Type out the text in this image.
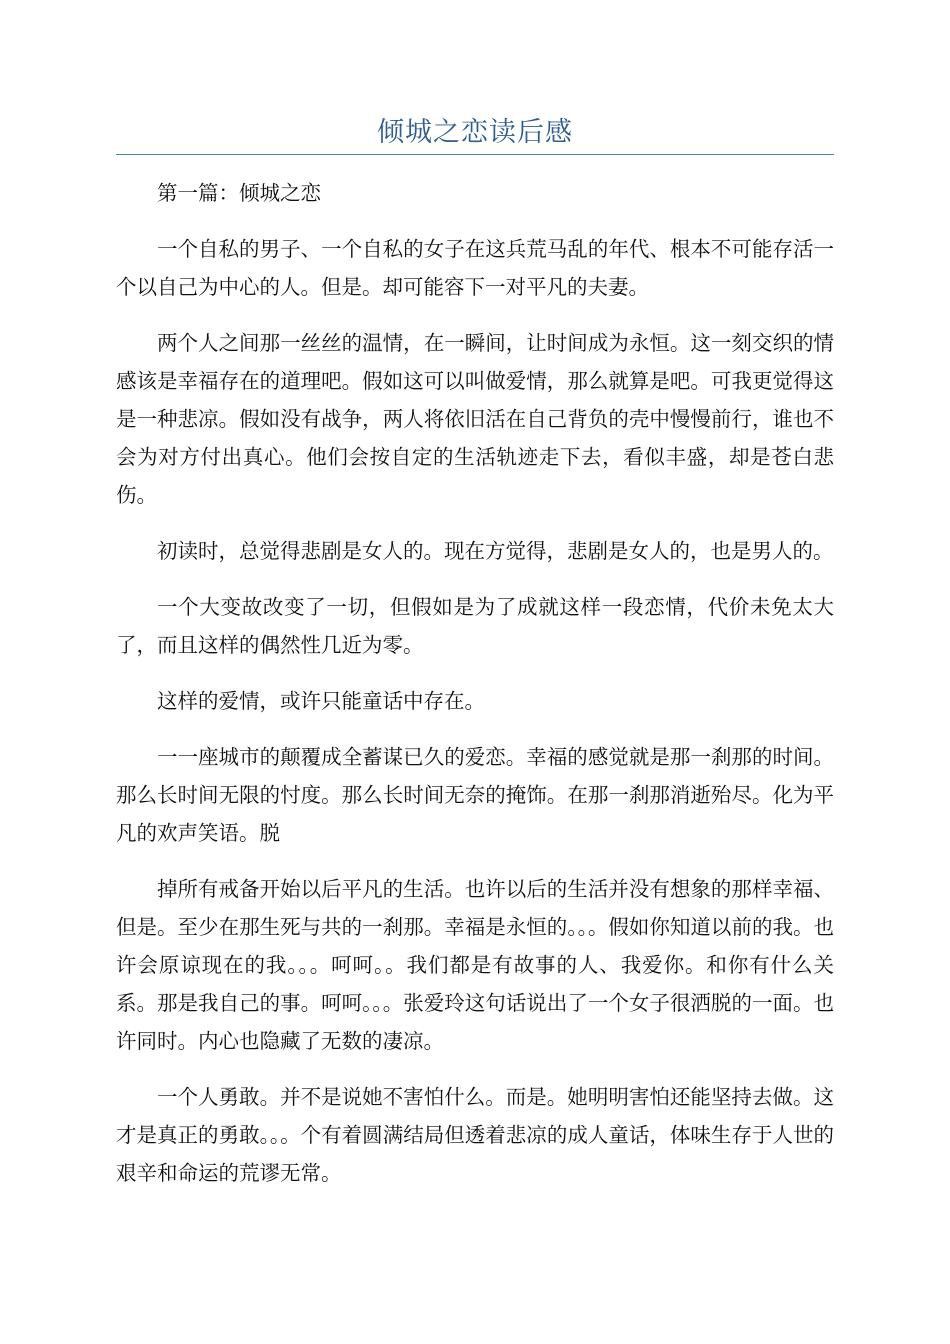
倾城之恋读后感

第一篇：倾城之恋

一个自私的男子、一个自私的女子在这兵荒马乱的年代、根本不可能存活一个以自己为中心的人。但是。却可能容下一对平凡的夫妻。

两个人之间那一丝丝的温情，在一瞬间，让时间成为永恒。这一刻交织的情感该是幸福存在的道理吧。假如这可以叫做爱情，那么就算是吧。可我更觉得这是一种悲凉。假如没有战争，两人将依旧活在自己背负的壳中慢慢前行，谁也不会为对方付出真心。他们会按自定的生活轨迹走下去，看似丰盛，却是苍白悲伤。

初读时，总觉得悲剧是女人的。现在方觉得，悲剧是女人的，也是男人的。

一个大变故改变了一切，但假如是为了成就这样一段恋情，代价未免太大了，而且这样的偶然性几近为零。

这样的爱情，或许只能童话中存在。

一一座城市的颠覆成全蓄谋已久的爱恋。幸福的感觉就是那一刹那的时间。那么长时间无限的忖度。那么长时间无奈的掩饰。在那一刹那消逝殆尽。化为平凡的欢声笑语。脱

掉所有戒备开始以后平凡的生活。也许以后的生活并没有想象的那样幸福、但是。至少在那生死与共的一刹那。幸福是永恒的。。。假如你知道以前的我。也许会原谅现在的我。。。呵呵。。我们都是有故事的人、我爱你。和你有什么关系。那是我自己的事。呵呵。。。张爱玲这句话说出了一个女子很洒脱的一面。也许同时。内心也隐藏了无数的凄凉。

一个人勇敢。并不是说她不害怕什么。而是。她明明害怕还能坚持去做。这才是真正的勇敢。。。个有着圆满结局但透着悲凉的成人童话，体味生存于人世的艰辛和命运的荒谬无常。
